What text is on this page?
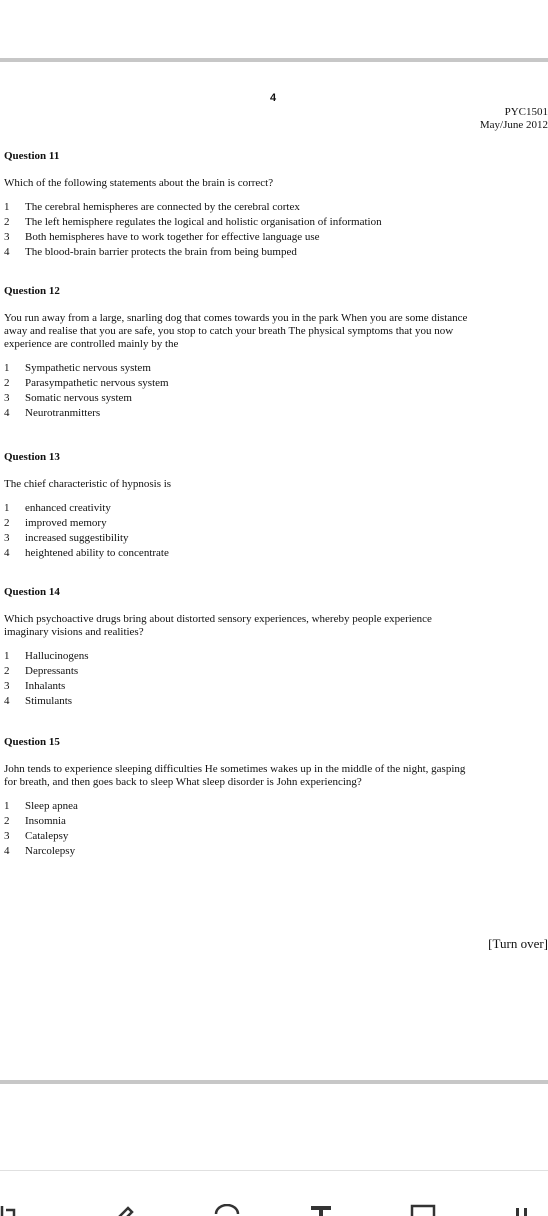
4
PYC1501
May/June 2012

Question 11

Which of the following statements about the brain is correct?

1	The cerebral hemispheres are connected by the cerebral cortex
2	The left hemisphere regulates the logical and holistic organisation of information
3	Both hemispheres have to work together for effective language use
4	The blood-brain barrier protects the brain from being bumped

Question 12

You run away from a large, snarling dog that comes towards you in the park When you are some distance

away and realise that you are safe, you stop to catch your breath The physical symptoms that you now

experience are controlled mainly by the

1	Sympathetic nervous system
2	Parasympathetic nervous system
3	Somatic nervous system
4	Neurotranmitters

Question 13

The chief characteristic of hypnosis is

1	enhanced creativity
2	improved memory
3	increased suggestibility
4	heightened ability to concentrate

Question 14

Which psychoactive drugs bring about distorted sensory experiences, whereby people experience

imaginary visions and realities?

1	Hallucinogens
2	Depressants
3	Inhalants
4	Stimulants

Question 15

John tends to experience sleeping difficulties He sometimes wakes up in the middle of the night, gasping

for breath, and then goes back to sleep What sleep disorder is John experiencing?

1	Sleep apnea
2	Insomnia
3	Catalepsy
4	Narcolepsy
[Turn over]
